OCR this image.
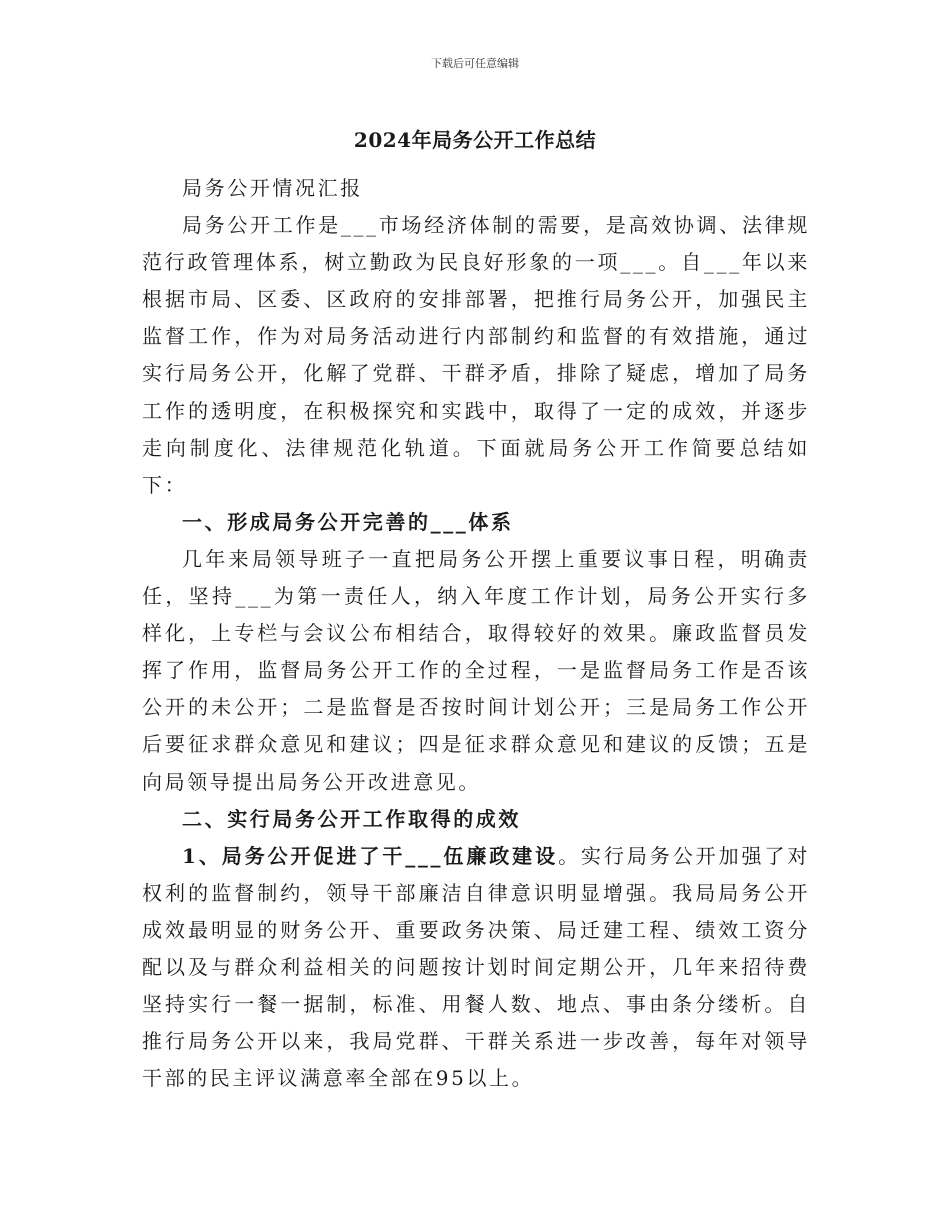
下载后可任意编辑
2024年局务公开工作总结

局务公开情况汇报

局务公开工作是___市场经济体制的需要，是高效协调、法律规范行政管理体系，树立勤政为民良好形象的一项___。自___年以来根据市局、区委、区政府的安排部署，把推行局务公开，加强民主监督工作，作为对局务活动进行内部制约和监督的有效措施，通过实行局务公开，化解了党群、干群矛盾，排除了疑虑，增加了局务工作的透明度，在积极探究和实践中，取得了一定的成效，并逐步走向制度化、法律规范化轨道。下面就局务公开工作简要总结如下：

一、形成局务公开完善的___体系

几年来局领导班子一直把局务公开摆上重要议事日程，明确责任，坚持___为第一责任人，纳入年度工作计划，局务公开实行多样化，上专栏与会议公布相结合，取得较好的效果。廉政监督员发挥了作用，监督局务公开工作的全过程，一是监督局务工作是否该公开的未公开；二是监督是否按时间计划公开；三是局务工作公开后要征求群众意见和建议；四是征求群众意见和建议的反馈；五是向局领导提出局务公开改进意见。

二、实行局务公开工作取得的成效

1、局务公开促进了干___伍廉政建设。实行局务公开加强了对权利的监督制约，领导干部廉洁自律意识明显增强。我局局务公开成效最明显的财务公开、重要政务决策、局迁建工程、绩效工资分配以及与群众利益相关的问题按计划时间定期公开，几年来招待费坚持实行一餐一据制，标准、用餐人数、地点、事由条分缕析。自推行局务公开以来，我局党群、干群关系进一步改善，每年对领导干部的民主评议满意率全部在95以上。
